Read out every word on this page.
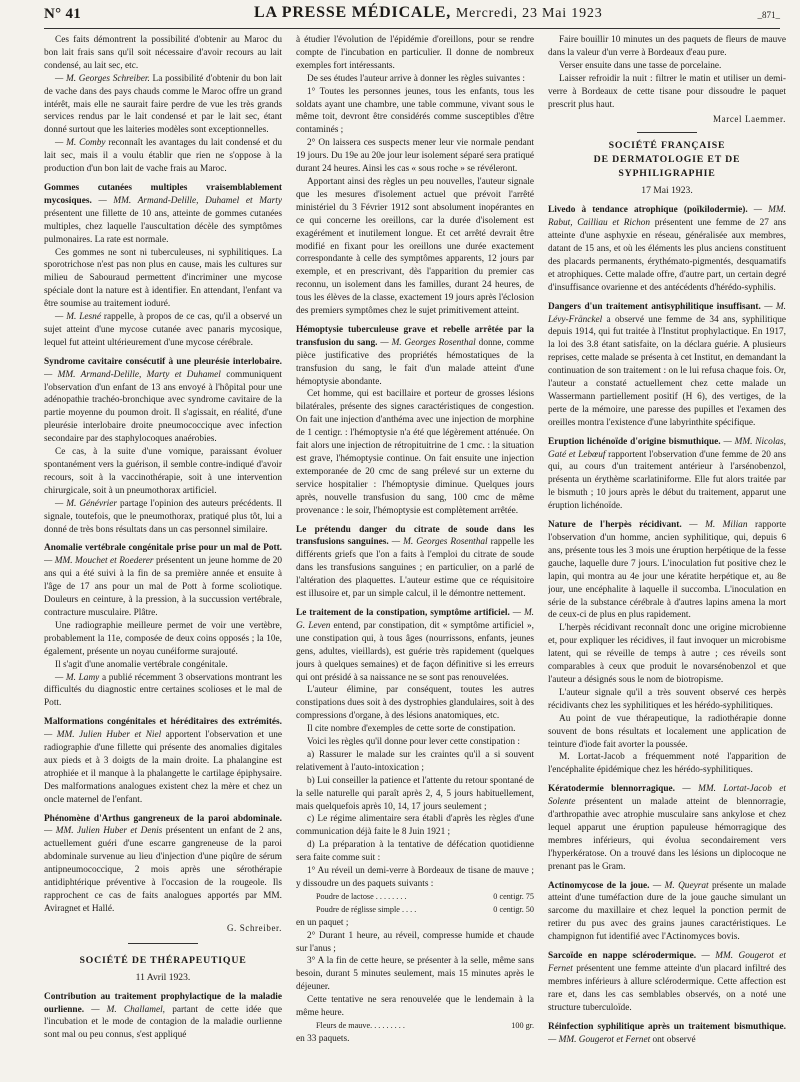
N° 41	LA PRESSE MÉDICALE, Mercredi, 23 Mai 1923	_871_

Ces faits démontrent la possibilité d'obtenir au Maroc du bon lait frais sans qu'il soit nécessaire d'avoir recours au lait condensé, au lait sec, etc.

— M. Georges Schreiber. La possibilité d'obtenir du bon lait de vache dans des pays chauds comme le Maroc offre un grand intérêt, mais elle ne saurait faire perdre de vue les très grands services rendus par le lait condensé et par le lait sec, étant donné surtout que les laiteries modèles sont exceptionnelles.

— M. Comby reconnaît les avantages du lait condensé et du lait sec, mais il a voulu établir que rien ne s'oppose à la production d'un bon lait de vache frais au Maroc.

Gommes cutanées multiples vraisemblablement mycosiques. — MM. Armand-Delille, Duhamel et Marty présentent une fillette de 10 ans, atteinte de gommes cutanées multiples, chez laquelle l'auscultation décèle des symptômes pulmonaires. La rate est normale.

Ces gommes ne sont ni tuberculeuses, ni syphilitiques. La sporotrichose n'est pas non plus en cause, mais les cultures sur milieu de Sabouraud permettent d'incriminer une mycose spéciale dont la nature est à identifier. En attendant, l'enfant va être soumise au traitement ioduré.

— M. Lesné rappelle, à propos de ce cas, qu'il a observé un sujet atteint d'une mycose cutanée avec panaris mycosique, lequel fut atteint ultérieurement d'une mycose cérébrale.

Syndrome cavitaire consécutif à une pleurésie interlobaire. — MM. Armand-Delille, Marty et Duhamel communiquent l'observation d'un enfant de 13 ans envoyé à l'hôpital pour une adénopathie trachéo-bronchique avec syndrome cavitaire de la partie moyenne du poumon droit. Il s'agissait, en réalité, d'une pleurésie interlobaire droite pneumococcique avec infection secondaire par des staphylocoques anaérobies.

Ce cas, à la suite d'une vomique, paraissant évoluer spontanément vers la guérison, il semble contre-indiqué d'avoir recours, soit à la vaccinothérapie, soit à une intervention chirurgicale, soit à un pneumothorax artificiel.

— M. Génévrier partage l'opinion des auteurs précédents. Il signale, toutefois, que le pneumothorax, pratiqué plus tôt, lui a donné de très bons résultats dans un cas personnel similaire.

Anomalie vertébrale congénitale prise pour un mal de Pott. — MM. Mouchet et Roederer présentent un jeune homme de 20 ans qui a été suivi à la fin de sa première année et ensuite à l'âge de 17 ans pour un mal de Pott à forme scoliotique. Douleurs en ceinture, à la pression, à la succussion vertébrale, contracture musculaire. Plâtre.

Une radiographie meilleure permet de voir une vertèbre, probablement la 11e, composée de deux coins opposés ; la 10e, également, présente un noyau cunéiforme surajouté.

Il s'agit d'une anomalie vertébrale congénitale.

— M. Lamy a publié récemment 3 observations montrant les difficultés du diagnostic entre certaines scolioses et le mal de Pott.

Malformations congénitales et héréditaires des extrémités. — MM. Julien Huber et Niel apportent l'observation et une radiographie d'une fillette qui présente des anomalies digitales aux pieds et à 3 doigts de la main droite. La phalangine est atrophiée et il manque à la phalangette le cartilage épiphysaire. Des malformations analogues existent chez la mère et chez un oncle maternel de l'enfant.

Phénomène d'Arthus gangreneux de la paroi abdominale. — MM. Julien Huber et Denis présentent un enfant de 2 ans, actuellement guéri d'une escarre gangreneuse de la paroi abdominale survenue au lieu d'injection d'une piqûre de sérum antipneumococcique, 2 mois après une sérothérapie antidiphtérique préventive à l'occasion de la rougeole. Ils rapprochent ce cas de faits analogues apportés par MM. Aviragnet et Hallé.

G. Schreiber.
SOCIÉTÉ DE THÉRAPEUTIQUE
11 Avril 1923.

Contribution au traitement prophylactique de la maladie ourlienne. — M. Challamel, partant de cette idée que l'incubation et le mode de contagion de la maladie ourlienne sont mal ou peu connus, s'est appliqué

à étudier l'évolution de l'épidémie d'oreillons, pour se rendre compte de l'incubation en particulier. Il donne de nombreux exemples fort intéressants.

De ses études l'auteur arrive à donner les règles suivantes :

1° Toutes les personnes jeunes, tous les enfants, tous les soldats ayant une chambre, une table commune, vivant sous le même toit, devront être considérés comme susceptibles d'être contaminés ;

2° On laissera ces suspects mener leur vie normale pendant 19 jours. Du 19e au 20e jour leur isolement séparé sera pratiqué durant 24 heures. Ainsi les cas « sous roche » se révéleront.

Apportant ainsi des règles un peu nouvelles, l'auteur signale que les mesures d'isolement actuel que prévoit l'arrêté ministériel du 3 Février 1912 sont absolument inopérantes en ce qui concerne les oreillons, car la durée d'isolement est exagérément et inutilement longue. Et cet arrêté devrait être modifié en fixant pour les oreillons une durée exactement correspondante à celle des symptômes apparents, 12 jours par exemple, et en prescrivant, dès l'apparition du premier cas reconnu, un isolement dans les familles, durant 24 heures, de tous les élèves de la classe, exactement 19 jours après l'éclosion des premiers symptômes chez le sujet primitivement atteint.

Hémoptysie tuberculeuse grave et rebelle arrêtée par la transfusion du sang. — M. Georges Rosenthal donne, comme pièce justificative des propriétés hémostatiques de la transfusion du sang, le fait d'un malade atteint d'une hémoptysie abondante.

Cet homme, qui est bacillaire et porteur de grosses lésions bilatérales, présente des signes caractéristiques de congestion. On fait une injection d'anthéma avec une injection de morphine de 1 centigr. : l'hémoptysie n'a été que légèrement atténuée. On fait alors une injection de rétropituitrine de 1 cmc. : la situation est grave, l'hémoptysie continue. On fait ensuite une injection extemporanée de 20 cmc de sang prélevé sur un externe du service hospitalier : l'hémoptysie diminue. Quelques jours après, nouvelle transfusion du sang, 100 cmc de même provenance : le soir, l'hémoptysie est complètement arrêtée.

Le prétendu danger du citrate de soude dans les transfusions sanguines. — M. Georges Rosenthal rappelle les différents griefs que l'on a faits à l'emploi du citrate de soude dans les transfusions sanguines ; en particulier, on a parlé de l'altération des plaquettes. L'auteur estime que ce réquisitoire est illusoire et, par un simple calcul, il le démontre nettement.

Le traitement de la constipation, symptôme artificiel. — M. G. Leven entend, par constipation, dit « symptôme artificiel », une constipation qui, à tous âges (nourrissons, enfants, jeunes gens, adultes, vieillards), est guérie très rapidement (quelques jours à quelques semaines) et de façon définitive si les erreurs qui ont présidé à sa naissance ne se sont pas renouvelées.

L'auteur élimine, par conséquent, toutes les autres constipations dues soit à des dystrophies glandulaires, soit à des compressions d'organe, à des lésions anatomiques, etc.

Il cite nombre d'exemples de cette sorte de constipation.

Voici les règles qu'il donne pour lever cette constipation :

a) Rassurer le malade sur les craintes qu'il a si souvent relativement à l'auto-intoxication ;

b) Lui conseiller la patience et l'attente du retour spontané de la selle naturelle qui paraît après 2, 4, 5 jours habituellement, mais quelquefois après 10, 14, 17 jours seulement ;

c) Le régime alimentaire sera établi d'après les règles d'une communication déjà faite le 8 Juin 1921 ;

d) La préparation à la tentative de défécation quotidienne sera faite comme suit :

1° Au réveil un demi-verre à Bordeaux de tisane de mauve ; y dissoudre un des paquets suivants :

Poudre de lactose . . . . . . . .	0 centigr. 75
Poudre de réglisse simple . . . .	0 centigr. 50

en un paquet ;

2° Durant 1 heure, au réveil, compresse humide et chaude sur l'anus ;

3° A la fin de cette heure, se présenter à la selle, même sans besoin, durant 5 minutes seulement, mais 15 minutes après le déjeuner.

Cette tentative ne sera renouvelée que le lendemain à la même heure.

Fleurs de mauve. . . . . . . . .	100 gr.

en 33 paquets.

Faire bouillir 10 minutes un des paquets de fleurs de mauve dans la valeur d'un verre à Bordeaux d'eau pure.

Verser ensuite dans une tasse de porcelaine.

Laisser refroidir la nuit : filtrer le matin et utiliser un demi-verre à Bordeaux de cette tisane pour dissoudre le paquet prescrit plus haut.

Marcel Laemmer.
SOCIÉTÉ FRANÇAISE
DE DERMATOLOGIE ET DE SYPHILIGRAPHIE
17 Mai 1923.

Livedo à tendance atrophique (poïkilodermie). — MM. Rabut, Cailliau et Richon présentent une femme de 27 ans atteinte d'une asphyxie en réseau, généralisée aux membres, datant de 15 ans, et où les éléments les plus anciens constituent des placards permanents, érythémato-pigmentés, desquamatifs et atrophiques. Cette malade offre, d'autre part, un certain degré d'insuffisance ovarienne et des antécédents d'hérédo-syphilis.

Dangers d'un traitement antisyphilitique insuffisant. — M. Lévy-Fränckel a observé une femme de 34 ans, syphilitique depuis 1914, qui fut traitée à l'Institut prophylactique. En 1917, la loi des 3.8 étant satisfaite, on la déclara guérie. A plusieurs reprises, cette malade se présenta à cet Institut, en demandant la continuation de son traitement : on le lui refusa chaque fois. Or, l'auteur a constaté actuellement chez cette malade un Wassermann partiellement positif (H 6), des vertiges, de la perte de la mémoire, une paresse des pupilles et l'examen des oreilles montra l'existence d'une labyrinthite spécifique.

Eruption lichénoïde d'origine bismuthique. — MM. Nicolas, Gaté et Lebœuf rapportent l'observation d'une femme de 20 ans qui, au cours d'un traitement antérieur à l'arsénobenzol, présenta un érythème scarlatiniforme. Elle fut alors traitée par le bismuth ; 10 jours après le début du traitement, apparut une éruption lichénoïde.

Nature de l'herpès récidivant. — M. Milian rapporte l'observation d'un homme, ancien syphilitique, qui, depuis 6 ans, présente tous les 3 mois une éruption herpétique de la fesse gauche, laquelle dure 7 jours. L'inoculation fut positive chez le lapin, qui montra au 4e jour une kératite herpétique et, au 8e jour, une encéphalite à laquelle il succomba. L'inoculation en série de la substance cérébrale à d'autres lapins amena la mort de ceux-ci de plus en plus rapidement.

L'herpès récidivant reconnaît donc une origine microbienne et, pour expliquer les récidives, il faut invoquer un microbisme latent, qui se réveille de temps à autre ; ces réveils sont comparables à ceux que produit le novarsénobenzol et que l'auteur a désignés sous le nom de biotropisme.

L'auteur signale qu'il a très souvent observé ces herpès récidivants chez les syphilitiques et les hérédo-syphilitiques.

Au point de vue thérapeutique, la radiothérapie donne souvent de bons résultats et localement une application de teinture d'iode fait avorter la poussée.

M. Lortat-Jacob a fréquemment noté l'apparition de l'encéphalite épidémique chez les hérédo-syphilitiques.

Kératodermie blennorragique. — MM. Lortat-Jacob et Solente présentent un malade atteint de blennorragie, d'arthropathie avec atrophie musculaire sans ankylose et chez lequel apparut une éruption papuleuse hémorragique des membres inférieurs, qui évolua secondairement vers l'hyperkératose. On a trouvé dans les lésions un diplocoque ne prenant pas le Gram.

Actinomycose de la joue. — M. Queyrat présente un malade atteint d'une tuméfaction dure de la joue gauche simulant un sarcome du maxillaire et chez lequel la ponction permit de retirer du pus avec des grains jaunes caractéristiques. Le champignon fut identifié avec l'Actinomyces bovis.

Sarcoïde en nappe sclérodermique. — MM. Gougerot et Fernet présentent une femme atteinte d'un placard infiltré des membres inférieurs à allure sclérodermique. Cette affection est rare et, dans les cas semblables observés, on a noté une structure tuberculoïde.

Réinfection syphilitique après un traitement bismuthique. — MM. Gougerot et Fernet ont observé
